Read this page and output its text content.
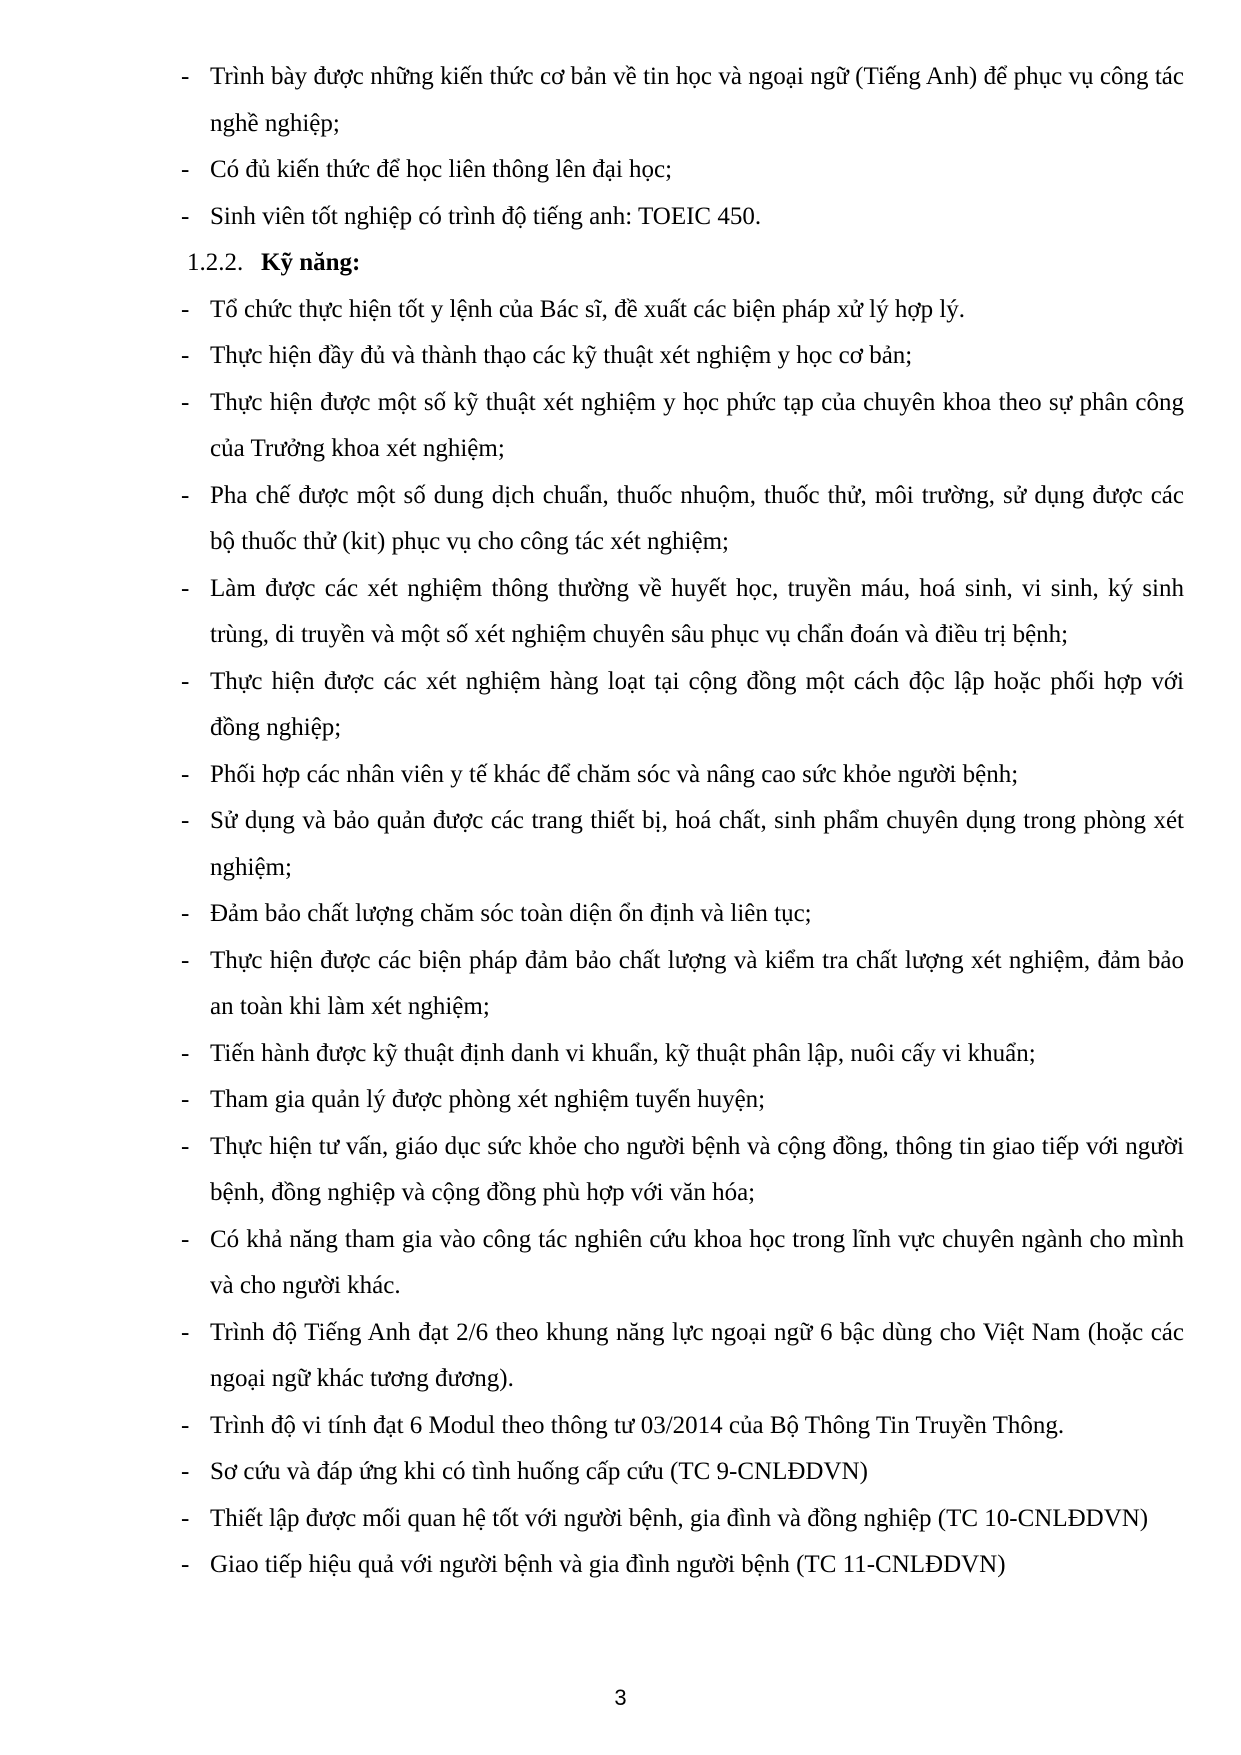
- Trình bày được những kiến thức cơ bản về tin học và ngoại ngữ (Tiếng Anh) để phục vụ công tác nghề nghiệp;

- Có đủ kiến thức để học liên thông lên đại học;

- Sinh viên tốt nghiệp có trình độ tiếng anh: TOEIC 450.

1.2.2. Kỹ năng:

- Tổ chức thực hiện tốt y lệnh của Bác sĩ, đề xuất các biện pháp xử lý hợp lý.

- Thực hiện đầy đủ và thành thạo các kỹ thuật xét nghiệm y học cơ bản;

- Thực hiện được một số kỹ thuật xét nghiệm y học phức tạp của chuyên khoa theo sự phân công của Trưởng khoa xét nghiệm;

- Pha chế được một số dung dịch chuẩn, thuốc nhuộm, thuốc thử, môi trường, sử dụng được các bộ thuốc thử (kit) phục vụ cho công tác xét nghiệm;

- Làm được các xét nghiệm thông thường về huyết học, truyền máu, hoá sinh, vi sinh, ký sinh trùng, di truyền và một số xét nghiệm chuyên sâu phục vụ chẩn đoán và điều trị bệnh;

- Thực hiện được các xét nghiệm hàng loạt tại cộng đồng một cách độc lập hoặc phối hợp với đồng nghiệp;

- Phối hợp các nhân viên y tế khác để chăm sóc và nâng cao sức khỏe người bệnh;

- Sử dụng và bảo quản được các trang thiết bị, hoá chất, sinh phẩm chuyên dụng trong phòng xét nghiệm;

- Đảm bảo chất lượng chăm sóc toàn diện ổn định và liên tục;

- Thực hiện được các biện pháp đảm bảo chất lượng và kiểm tra chất lượng xét nghiệm, đảm bảo an toàn khi làm xét nghiệm;

- Tiến hành được kỹ thuật định danh vi khuẩn, kỹ thuật phân lập, nuôi cấy vi khuẩn;

- Tham gia quản lý được phòng xét nghiệm tuyến huyện;

- Thực hiện tư vấn, giáo dục sức khỏe cho người bệnh và cộng đồng, thông tin giao tiếp với người bệnh, đồng nghiệp và cộng đồng phù hợp với văn hóa;

- Có khả năng tham gia vào công tác nghiên cứu khoa học trong lĩnh vực chuyên ngành cho mình và cho người khác.

- Trình độ Tiếng Anh đạt 2/6 theo khung năng lực ngoại ngữ 6 bậc dùng cho Việt Nam (hoặc các ngoại ngữ khác tương đương).

- Trình độ vi tính đạt 6 Modul theo thông tư 03/2014 của Bộ Thông Tin Truyền Thông.

- Sơ cứu và đáp ứng khi có tình huống cấp cứu (TC 9-CNLĐDVN)

- Thiết lập được mối quan hệ tốt với người bệnh, gia đình và đồng nghiệp (TC 10-CNLĐDVN)

- Giao tiếp hiệu quả với người bệnh và gia đình người bệnh (TC 11-CNLĐDVN)

3
